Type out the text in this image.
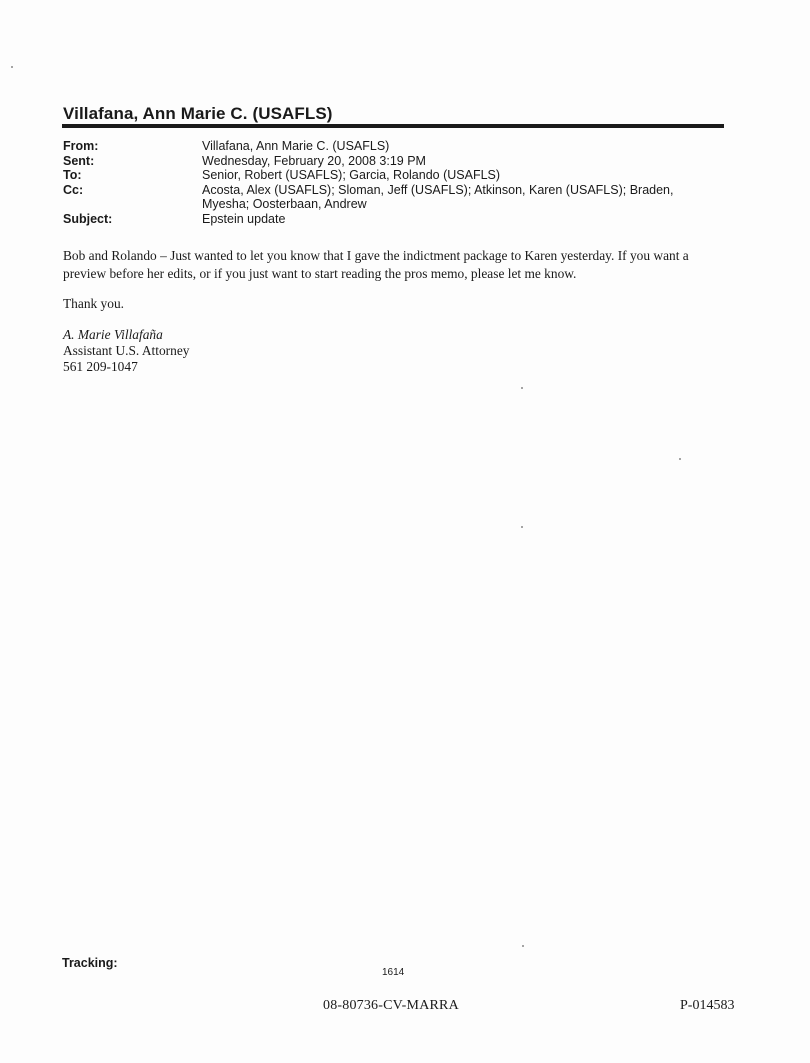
Villafana, Ann Marie C. (USAFLS)
From:	Villafana, Ann Marie C. (USAFLS)
Sent:	Wednesday, February 20, 2008 3:19 PM
To:	Senior, Robert (USAFLS); Garcia, Rolando (USAFLS)
Cc:	Acosta, Alex (USAFLS); Sloman, Jeff (USAFLS); Atkinson, Karen (USAFLS); Braden,
Myesha; Oosterbaan, Andrew
Subject:	Epstein update
Bob and Rolando – Just wanted to let you know that I gave the indictment package to Karen yesterday. If you want a
preview before her edits, or if you just want to start reading the pros memo, please let me know.
Thank you.
A. Marie Villafaña
Assistant U.S. Attorney
561 209-1047
Tracking:
1614
08-80736-CV-MARRA	P-014583
